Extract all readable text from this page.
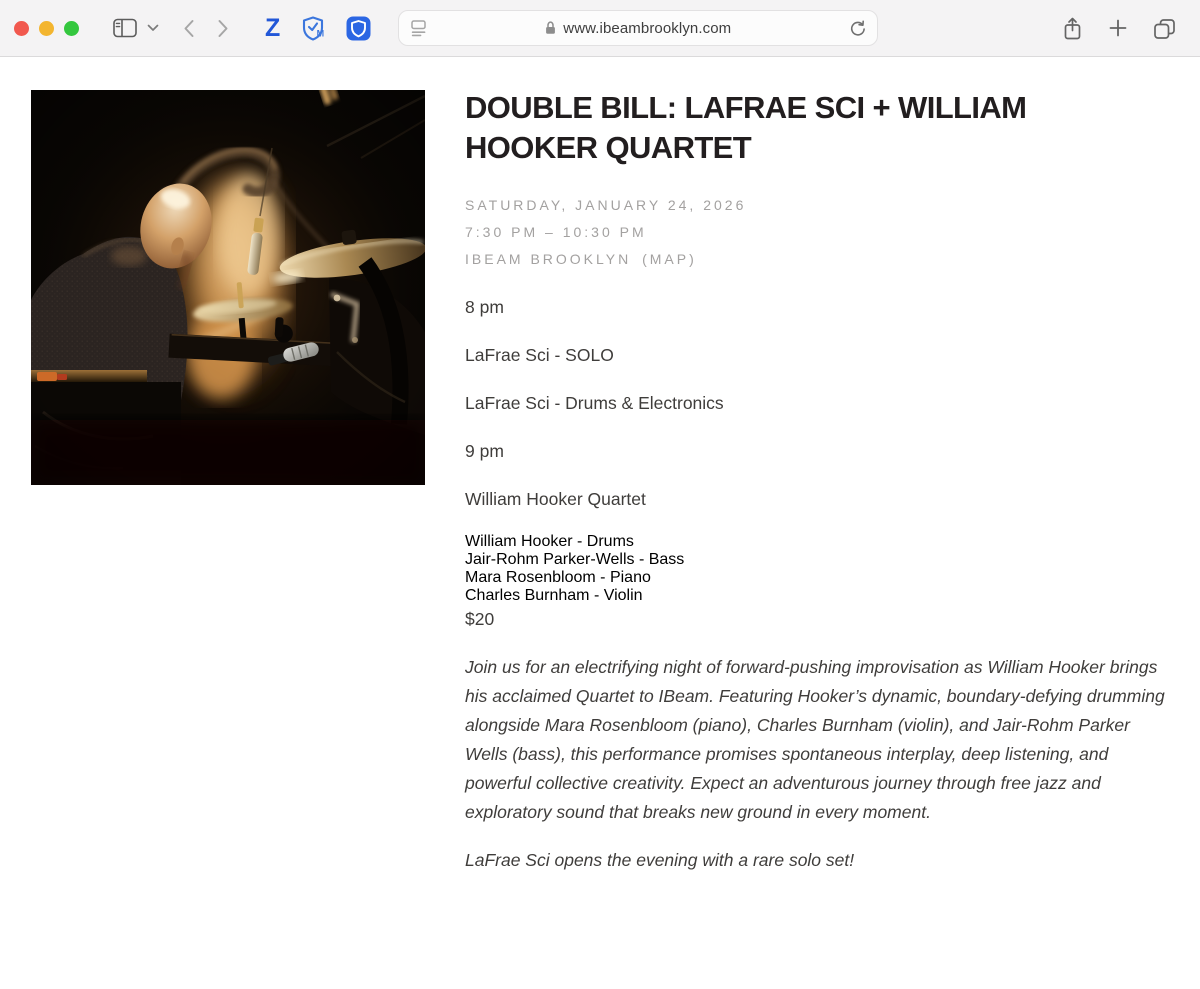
Z	M	www.ibeambrooklyn.com
DOUBLE BILL: LAFRAE SCI + WILLIAM
HOOKER QUARTET
SATURDAY, JANUARY 24, 2026
7:30 PM – 10:30 PM
IBEAM BROOKLYN (MAP)

8 pm

LaFrae Sci - SOLO

LaFrae Sci - Drums & Electronics

9 pm

William Hooker Quartet

William Hooker - Drums
Jair-Rohm Parker-Wells - Bass
Mara Rosenbloom - Piano
Charles Burnham - Violin

$20

Join us for an electrifying night of forward-pushing improvisation as William Hooker brings his acclaimed Quartet to IBeam. Featuring Hooker’s dynamic, boundary-defying drumming alongside Mara Rosenbloom (piano), Charles Burnham (violin), and Jair-Rohm Parker Wells (bass), this performance promises spontaneous interplay, deep listening, and powerful collective creativity. Expect an adventurous journey through free jazz and exploratory sound that breaks new ground in every moment.

LaFrae Sci opens the evening with a rare solo set!
